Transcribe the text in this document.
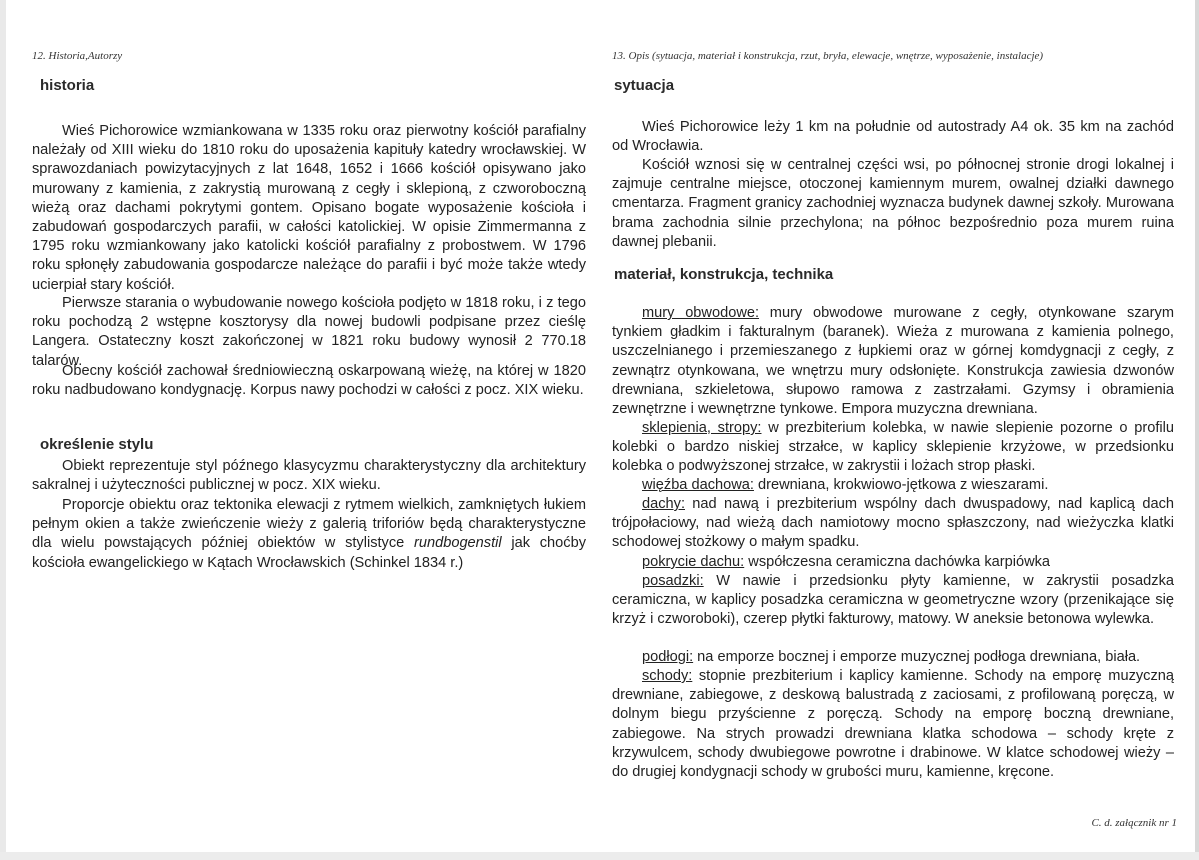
12. Historia,Autorzy
historia

Wieś Pichorowice wzmiankowana w 1335 roku oraz pierwotny kościół parafialny należały od XIII wieku do 1810 roku do uposażenia kapituły katedry wrocławskiej. W sprawozdaniach powizytacyjnych z lat 1648, 1652 i 1666 kościół opisywano jako murowany z kamienia, z zakrystią murowaną z cegły i sklepioną, z czworoboczną wieżą oraz dachami pokrytymi gontem. Opisano bogate wyposażenie kościoła i zabudowań gospodarczych parafii, w całości katolickiej. W opisie Zimmermanna z 1795 roku wzmiankowany jako katolicki kościół parafialny z probostwem. W 1796 roku spłonęły zabudowania gospodarcze należące do parafii i być może także wtedy ucierpiał stary kościół.

Pierwsze starania o wybudowanie nowego kościoła podjęto w 1818 roku, i z tego roku pochodzą 2 wstępne kosztorysy dla nowej budowli podpisane przez cieślę Langera. Ostateczny koszt zakończonej w 1821 roku budowy wynosił 2 770.18 talarów.

Obecny kościół zachował średniowieczną oskarpowaną wieżę, na której w 1820 roku nadbudowano kondygnację. Korpus nawy pochodzi w całości z pocz. XIX wieku.

określenie stylu

Obiekt reprezentuje styl późnego klasycyzmu charakterystyczny dla architektury sakralnej i użyteczności publicznej w pocz. XIX wieku.

Proporcje obiektu oraz tektonika elewacji z rytmem wielkich, zamkniętych łukiem pełnym okien a także zwieńczenie wieży z galerią triforiów będą charakterystyczne dla wielu powstających później obiektów w stylistyce rundbogenstil jak choćby kościoła ewangelickiego w Kątach Wrocławskich (Schinkel 1834 r.)

13. Opis (sytuacja, materiał i konstrukcja, rzut, bryła, elewacje, wnętrze, wyposażenie, instalacje)
sytuacja

Wieś Pichorowice leży 1 km na południe od autostrady A4 ok. 35 km na zachód od Wrocławia.

Kościół wznosi się w centralnej części wsi, po północnej stronie drogi lokalnej i zajmuje centralne miejsce, otoczonej kamiennym murem, owalnej działki dawnego cmentarza. Fragment granicy zachodniej wyznacza budynek dawnej szkoły. Murowana brama zachodnia silnie przechylona; na północ bezpośrednio poza murem ruina dawnej plebanii.

materiał, konstrukcja, technika

mury obwodowe: mury obwodowe murowane z cegły, otynkowane szarym tynkiem gładkim i fakturalnym (baranek). Wieża z murowana z kamienia polnego, uszczelnianego i przemieszanego z łupkiemi oraz w górnej komdygnacji z cegły, z zewnątrz otynkowana, we wnętrzu mury odsłonięte. Konstrukcja zawiesia dzwonów drewniana, szkieletowa, słupowo ramowa z zastrzałami. Gzymsy i obramienia zewnętrzne i wewnętrzne tynkowe. Empora muzyczna drewniana.

sklepienia, stropy: w prezbiterium kolebka, w nawie slepienie pozorne o profilu kolebki o bardzo niskiej strzałce, w kaplicy sklepienie krzyżowe, w przedsionku kolebka o podwyższonej strzałce, w zakrystii i lożach strop płaski.

więźba dachowa: drewniana, krokwiowo-jętkowa z wieszarami.

dachy: nad nawą i prezbiterium wspólny dach dwuspadowy, nad kaplicą dach trójpołaciowy, nad wieżą dach namiotowy mocno spłaszczony, nad wieżyczka klatki schodowej stożkowy o małym spadku.

pokrycie dachu: współczesna ceramiczna dachówka karpiówka

posadzki: W nawie i przedsionku płyty kamienne, w zakrystii posadzka ceramiczna, w kaplicy posadzka ceramiczna w geometryczne wzory (przenikające się krzyż i czworoboki), czerep płytki fakturowy, matowy. W aneksie betonowa wylewka.

podłogi: na emporze bocznej i emporze muzycznej podłoga drewniana, biała.

schody: stopnie prezbiterium i kaplicy kamienne. Schody na emporę muzyczną drewniane, zabiegowe, z deskową balustradą z zaciosami, z profilowaną poręczą, w dolnym biegu przyścienne z poręczą. Schody na emporę boczną drewniane, zabiegowe. Na strych prowadzi drewniana klatka schodowa – schody kręte z krzywulcem, schody dwubiegowe powrotne i drabinowe. W klatce schodowej wieży – do drugiej kondygnacji schody w grubości muru, kamienne, kręcone.

C. d. załącznik nr 1
